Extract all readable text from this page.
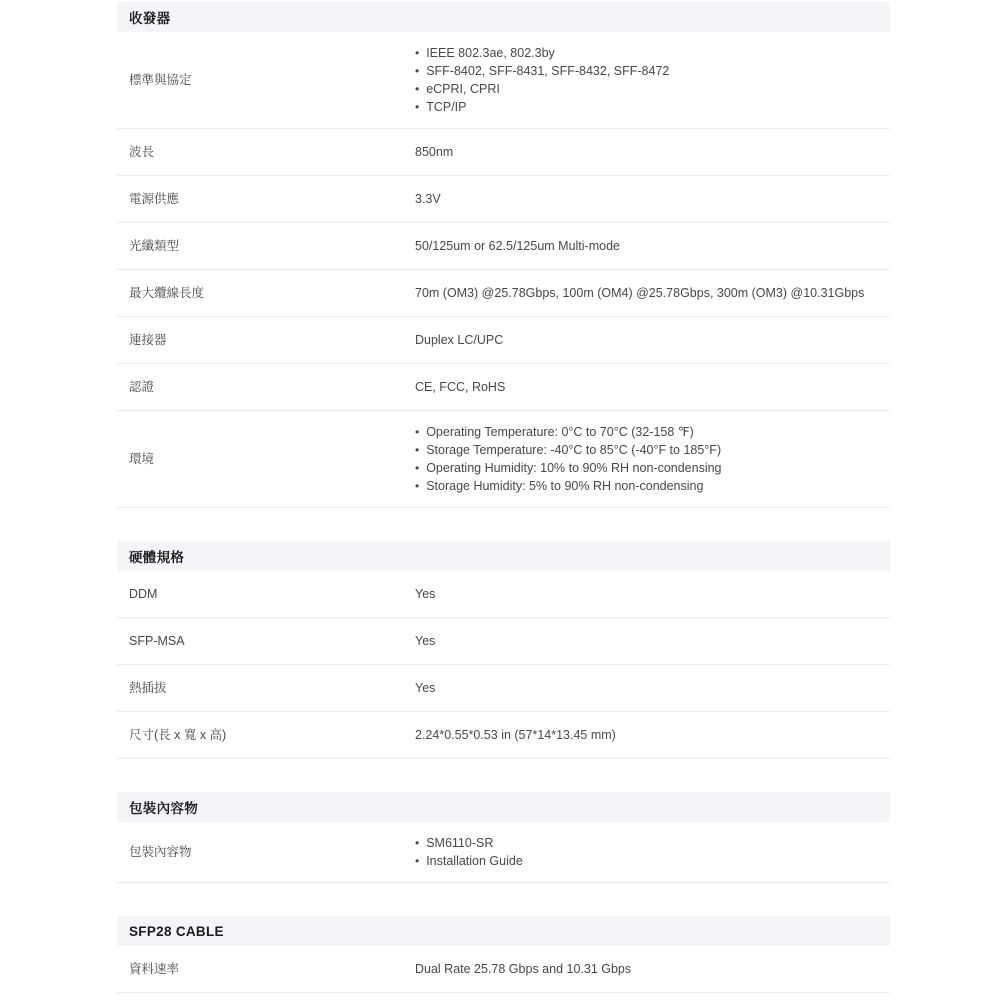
收發器
標準與協定
• IEEE 802.3ae, 802.3by
• SFF-8402, SFF-8431, SFF-8432, SFF-8472
• eCPRI, CPRI
• TCP/IP
波長	850nm
電源供應	3.3V
光纖類型	50/125um or 62.5/125um Multi-mode
最大纜線長度	70m (OM3) @25.78Gbps, 100m (OM4) @25.78Gbps, 300m (OM3) @10.31Gbps
連接器	Duplex LC/UPC
認證	CE, FCC, RoHS
環境
• Operating Temperature: 0°C to 70°C (32-158 ℉)
• Storage Temperature: -40°C to 85°C (-40°F to 185°F)
• Operating Humidity: 10% to 90% RH non-condensing
• Storage Humidity: 5% to 90% RH non-condensing
硬體規格
DDM	Yes
SFP-MSA	Yes
熱插拔	Yes
尺寸(長 x 寬 x 高)	2.24*0.55*0.53 in (57*14*13.45 mm)
包裝內容物
包裝內容物
• SM6110-SR
• Installation Guide
SFP28 CABLE
資料速率	Dual Rate 25.78 Gbps and 10.31 Gbps
